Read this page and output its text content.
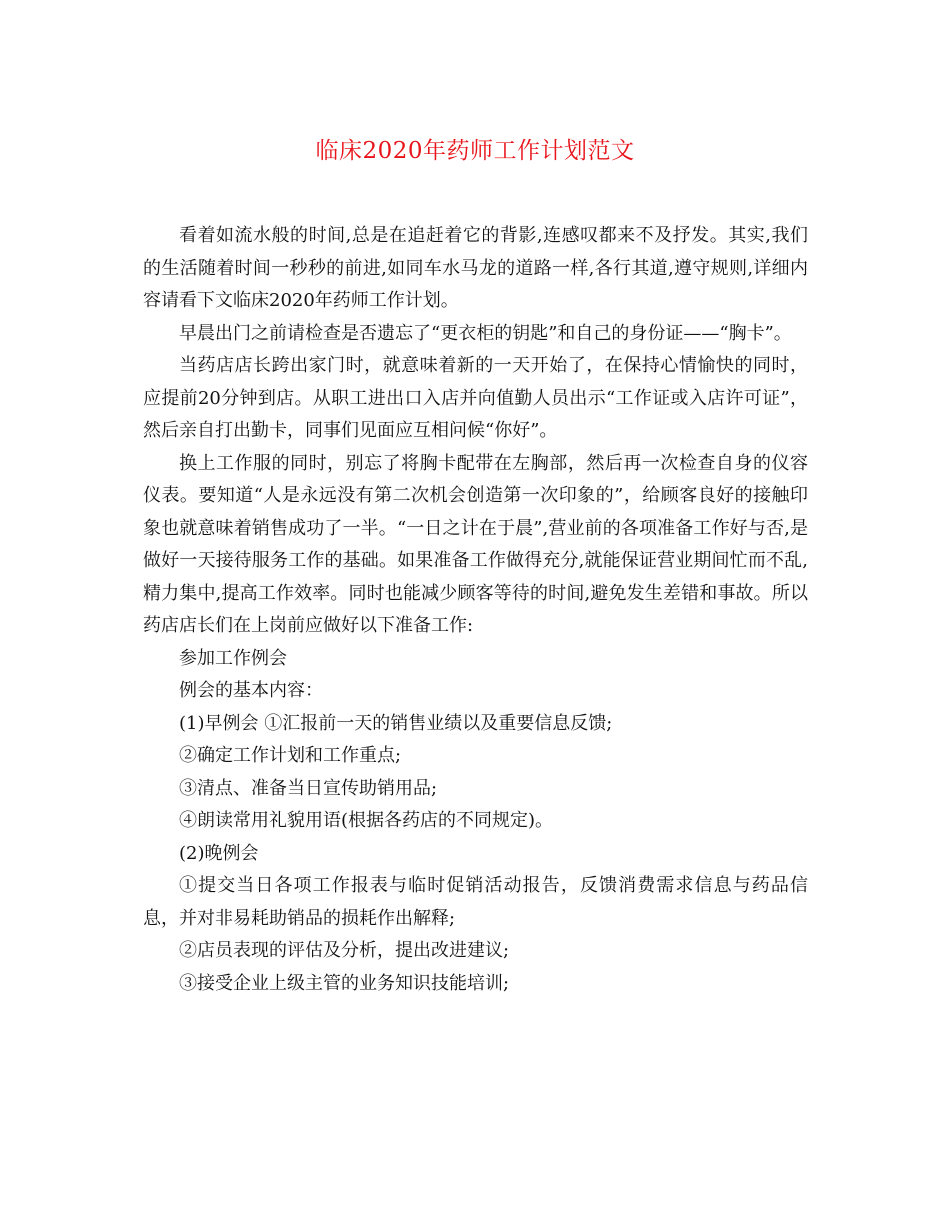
临床2020年药师工作计划范文

看着如流水般的时间,总是在追赶着它的背影,连感叹都来不及抒发。其实,我们的生活随着时间一秒秒的前进,如同车水马龙的道路一样,各行其道,遵守规则,详细内容请看下文临床2020年药师工作计划。

早晨出门之前请检查是否遗忘了“更衣柜的钥匙”和自己的身份证——“胸卡”。

当药店店长跨出家门时，就意味着新的一天开始了，在保持心情愉快的同时，应提前20分钟到店。从职工进出口入店并向值勤人员出示“工作证或入店许可证”，然后亲自打出勤卡，同事们见面应互相问候“你好”。

换上工作服的同时，别忘了将胸卡配带在左胸部，然后再一次检查自身的仪容仪表。要知道“人是永远没有第二次机会创造第一次印象的”，给顾客良好的接触印象也就意味着销售成功了一半。“一日之计在于晨”,营业前的各项准备工作好与否,是做好一天接待服务工作的基础。如果准备工作做得充分,就能保证营业期间忙而不乱,精力集中,提高工作效率。同时也能减少顾客等待的时间,避免发生差错和事故。所以药店店长们在上岗前应做好以下准备工作:

参加工作例会

例会的基本内容：

(1)早例会 ①汇报前一天的销售业绩以及重要信息反馈;

②确定工作计划和工作重点;

③清点、准备当日宣传助销用品;

④朗读常用礼貌用语(根据各药店的不同规定)。

(2)晚例会

①提交当日各项工作报表与临时促销活动报告，反馈消费需求信息与药品信息，并对非易耗助销品的损耗作出解释;

②店员表现的评估及分析，提出改进建议;

③接受企业上级主管的业务知识技能培训;
